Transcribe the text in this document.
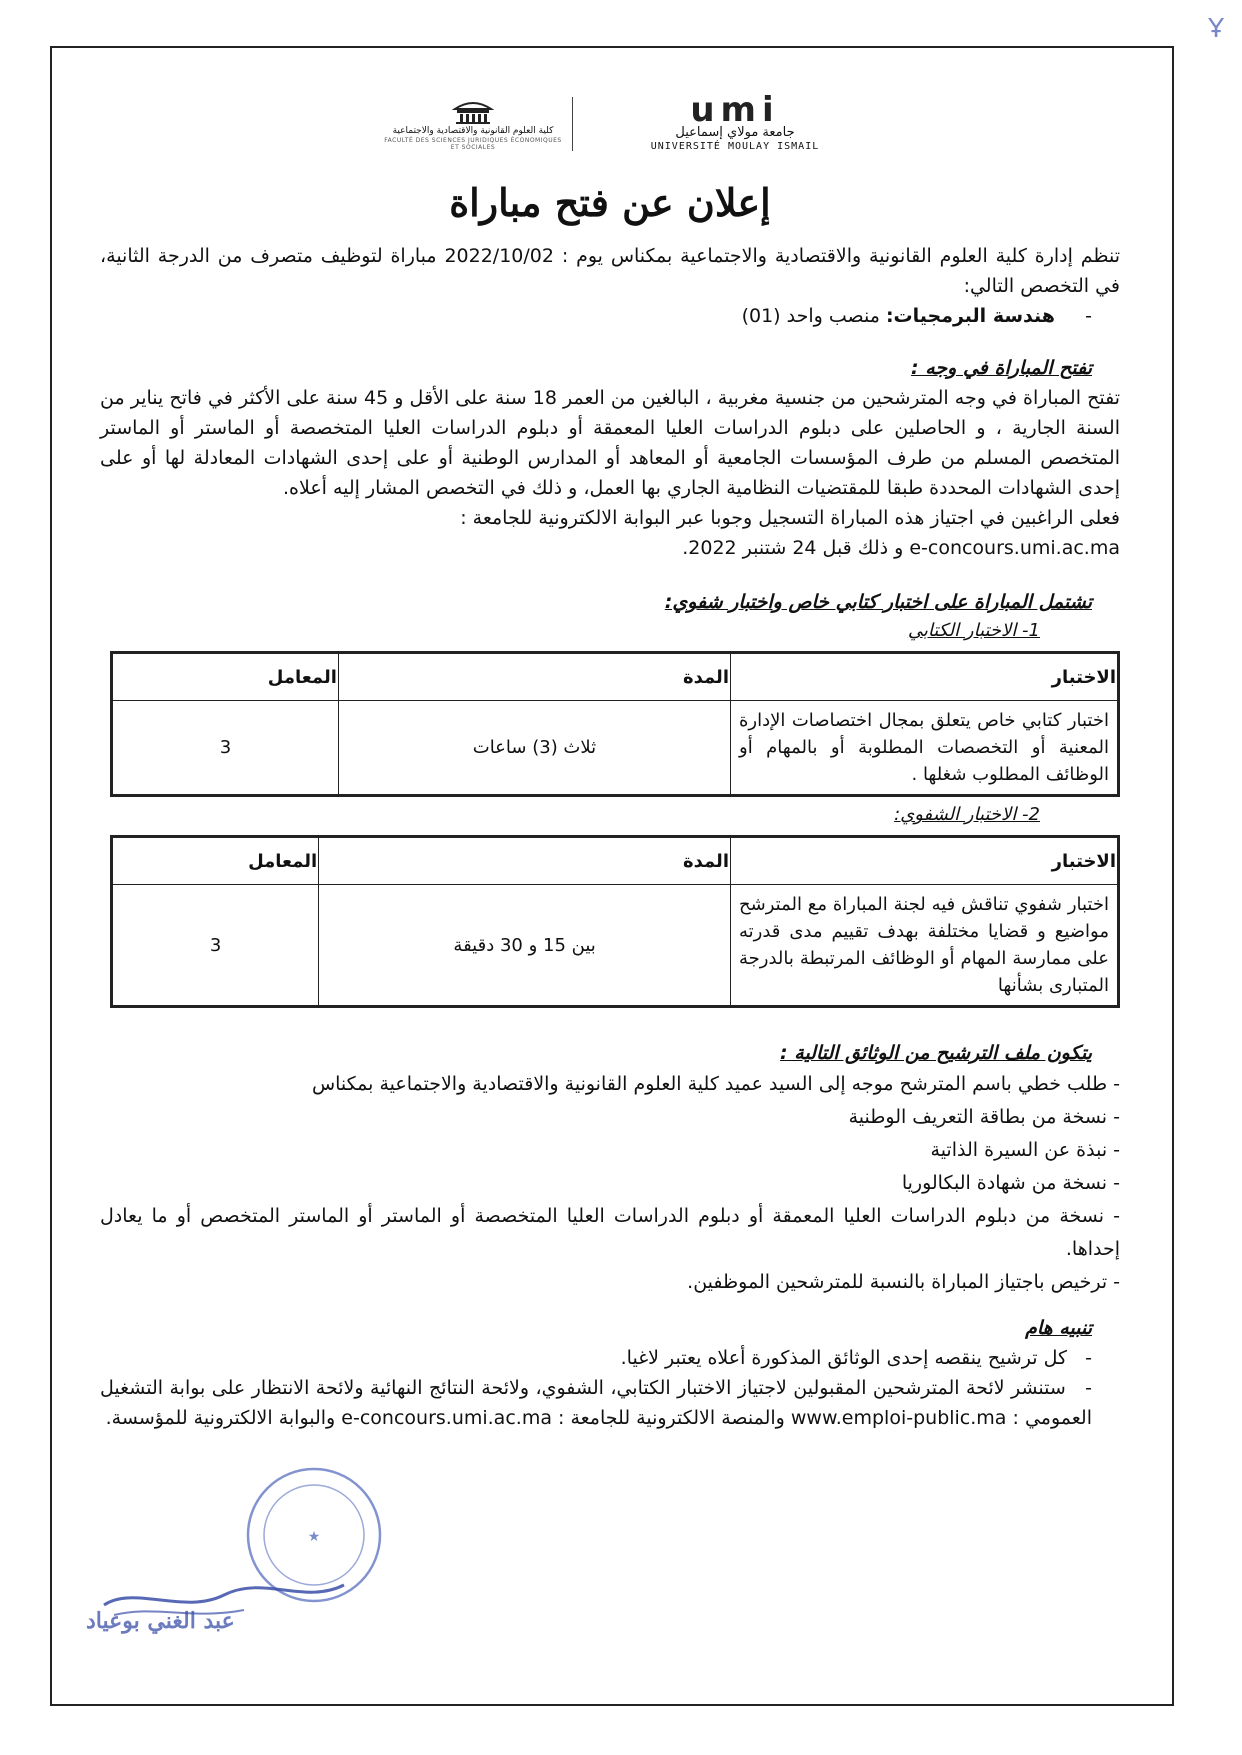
Ұ
umi
جامعة مولاي إسماعيل
UNIVERSITÉ MOULAY ISMAIL
كلية العلوم القانونية والاقتصادية والاجتماعية
FACULTÉ DES SCIENCES JURIDIQUES ÉCONOMIQUES ET SOCIALES
إعلان عن فتح مباراة

تنظم إدارة كلية العلوم القانونية والاقتصادية والاجتماعية بمكناس يوم : 2022/10/02 مباراة لتوظيف متصرف من الدرجة الثانية، في التخصص التالي:

-     هندسة البرمجيات: منصب واحد (01)

تفتح المباراة في وجه :

تفتح المباراة في وجه المترشحين من جنسية مغربية ، البالغين من العمر 18 سنة على الأقل و 45 سنة على الأكثر في فاتح يناير من السنة الجارية ، و الحاصلين على دبلوم الدراسات العليا المعمقة أو دبلوم الدراسات العليا المتخصصة أو الماستر أو الماستر المتخصص المسلم من طرف المؤسسات الجامعية أو المعاهد أو المدارس الوطنية أو على إحدى الشهادات المعادلة لها أو على إحدى الشهادات المحددة طبقا للمقتضيات النظامية الجاري بها العمل، و ذلك في التخصص المشار إليه أعلاه.

فعلى الراغبين في اجتياز هذه المباراة التسجيل وجوبا عبر البوابة الالكترونية للجامعة :

e-concours.umi.ac.ma و ذلك قبل 24 شتنبر 2022.

تشتمل المباراة على اختبار كتابي خاص واختبار شفوي:
1- الاختبار الكتابي
الاختبار	المدة	المعامل
اختبار كتابي خاص يتعلق بمجال اختصاصات الإدارة المعنية أو التخصصات المطلوبة أو بالمهام أو الوظائف المطلوب شغلها .	ثلاث (3) ساعات	3
2- الاختبار الشفوي:
الاختبار	المدة	المعامل
اختبار شفوي تناقش فيه لجنة المباراة مع المترشح مواضيع و قضايا مختلفة بهدف تقييم مدى قدرته على ممارسة المهام أو الوظائف المرتبطة بالدرجة المتبارى بشأنها	بين 15 و 30 دقيقة	3
يتكون ملف الترشيح من الوثائق التالية :
- طلب خطي باسم المترشح موجه إلى السيد عميد كلية العلوم القانونية والاقتصادية والاجتماعية بمكناس
- نسخة من بطاقة التعريف الوطنية
- نبذة عن السيرة الذاتية
- نسخة من شهادة البكالوريا
- نسخة من دبلوم الدراسات العليا المعمقة أو دبلوم الدراسات العليا المتخصصة أو الماستر أو الماستر المتخصص أو ما يعادل إحداها.
- ترخيص باجتياز المباراة بالنسبة للمترشحين الموظفين.
تنبيه هام

-   كل ترشيح ينقصه إحدى الوثائق المذكورة أعلاه يعتبر لاغيا.

-   ستنشر لائحة المترشحين المقبولين لاجتياز الاختبار الكتابي، الشفوي، ولائحة النتائج النهائية ولائحة الانتظار على بوابة التشغيل العمومي : www.emploi-public.ma والمنصة الالكترونية للجامعة : e-concours.umi.ac.ma والبوابة الالكترونية للمؤسسة.

★
عبد الغني بوعياد
